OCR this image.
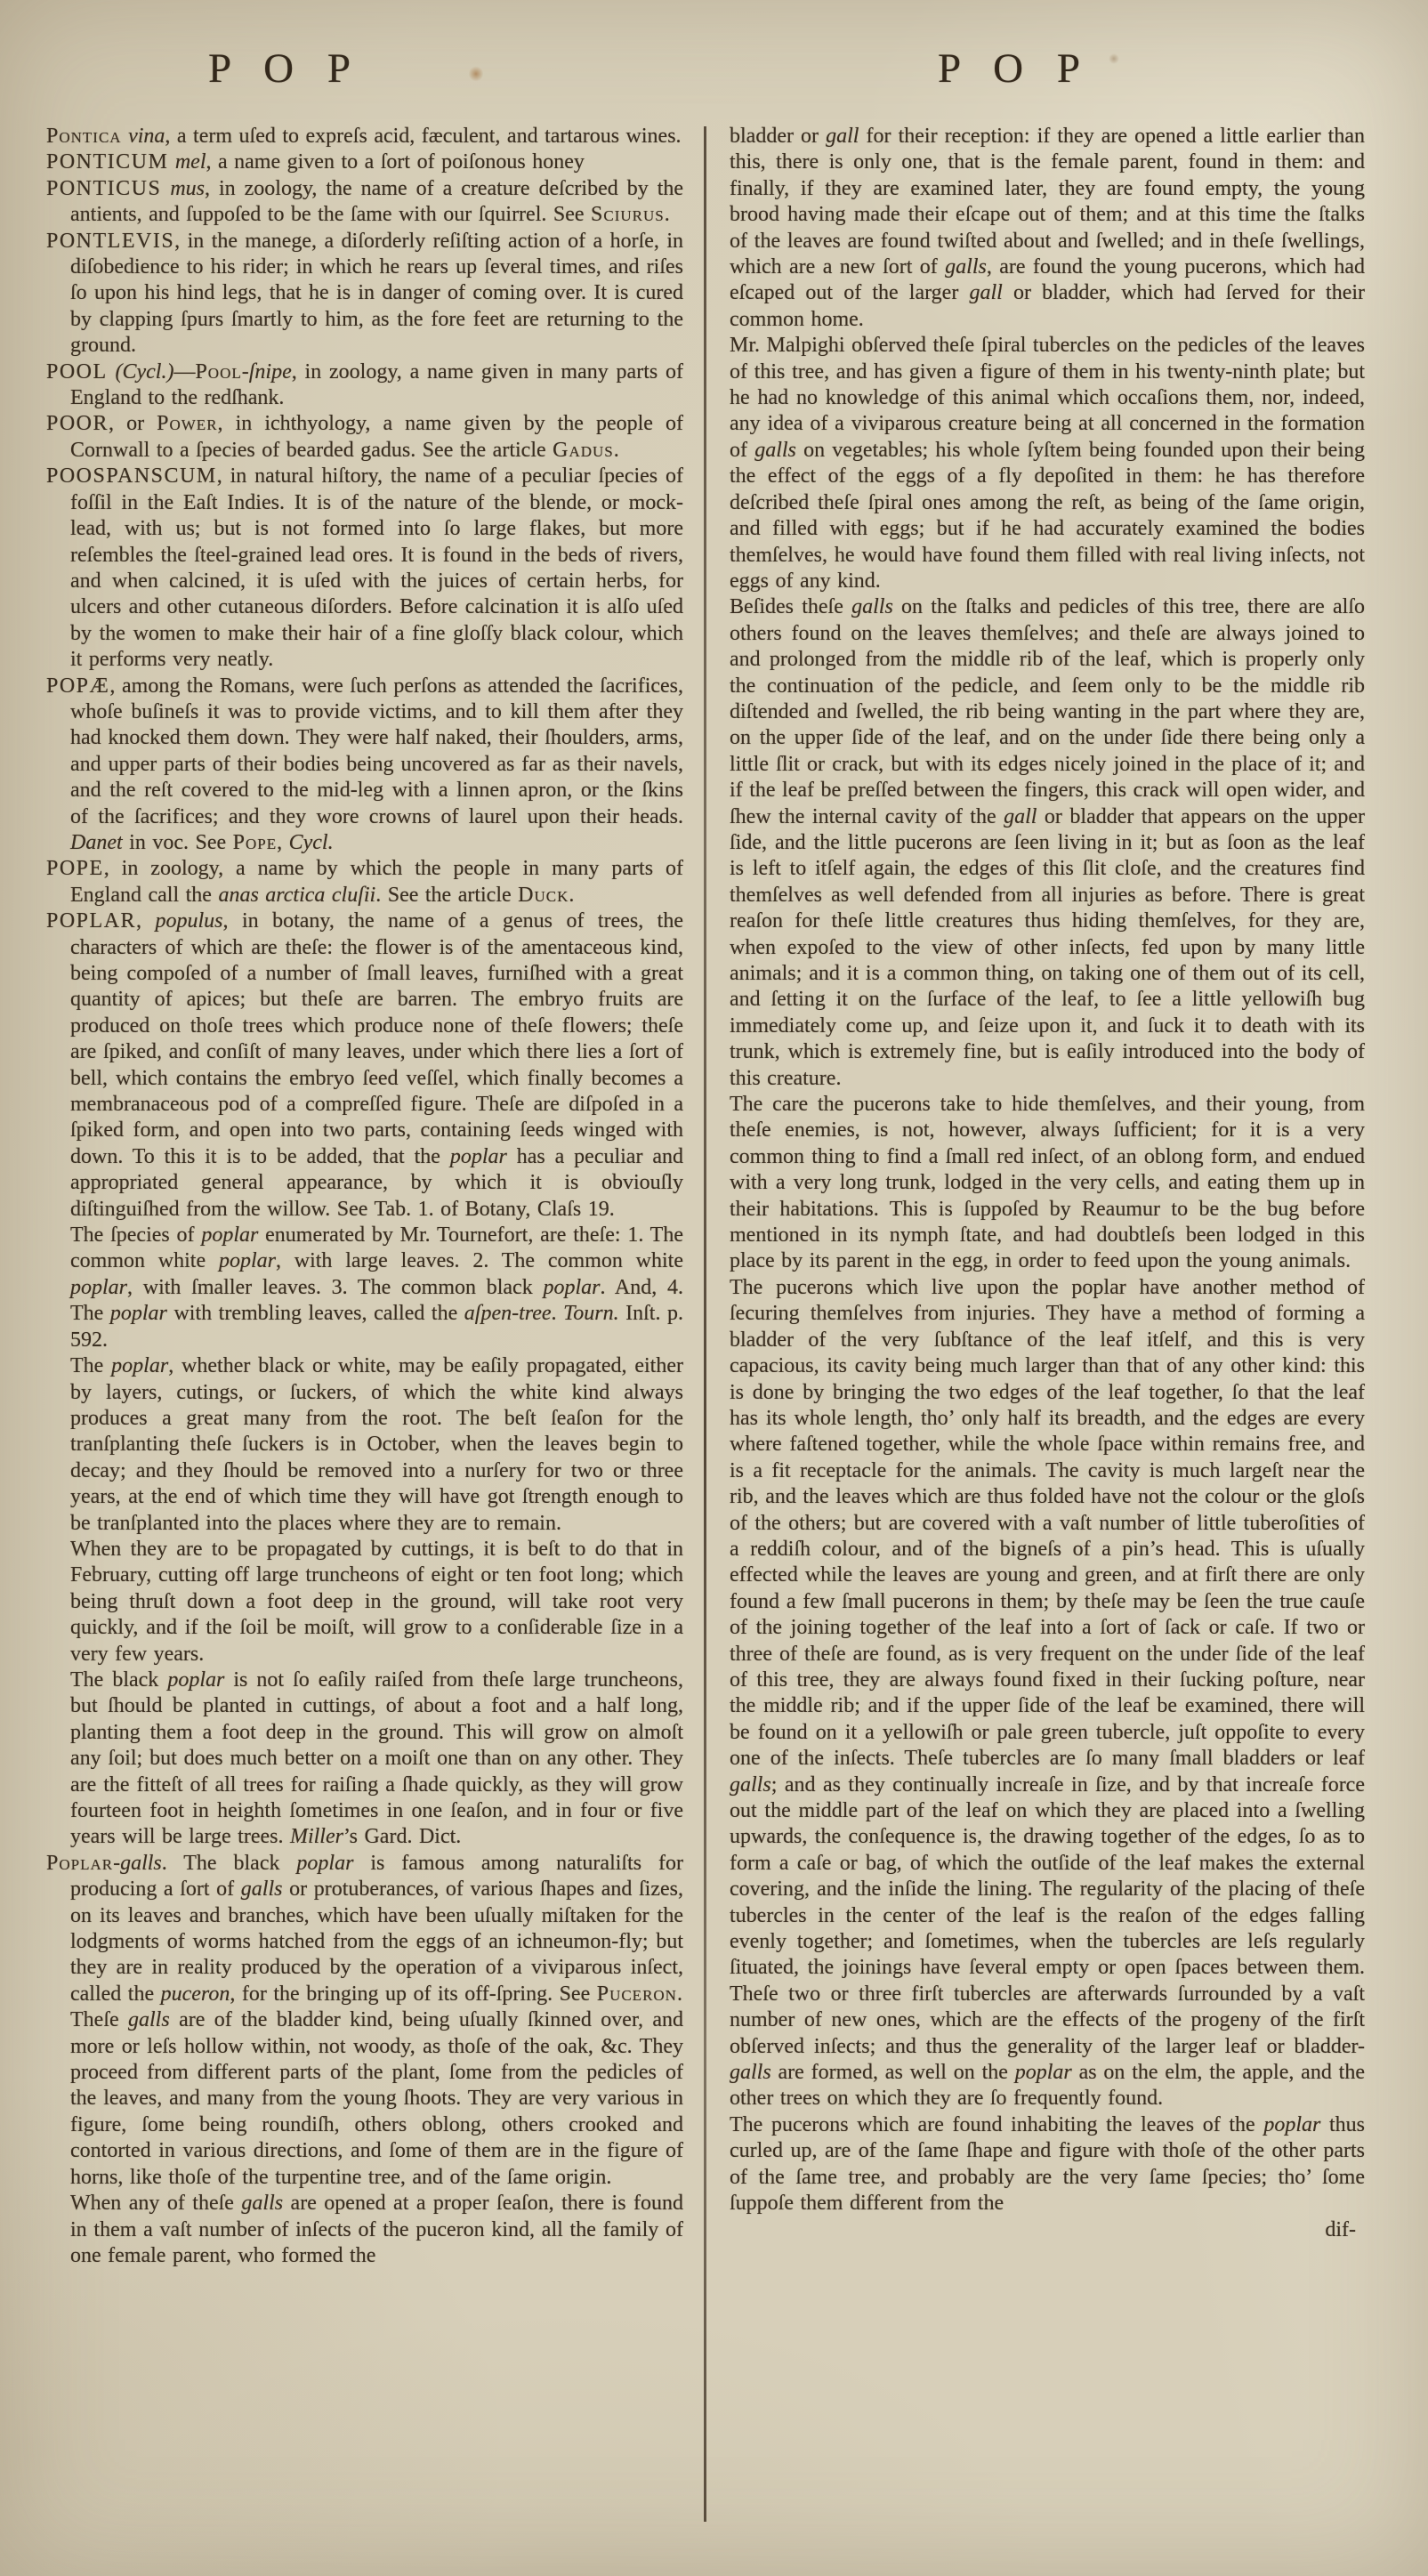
P O P	P O P
Pontica vina, a term uſed to expreſs acid, fæculent, and tartarous wines.
PONTICUM mel, a name given to a ſort of poiſonous honey
PONTICUS mus, in zoology, the name of a creature deſcribed by the antients, and ſuppoſed to be the ſame with our ſquirrel. See Sciurus.
PONTLEVIS, in the manege, a diſorderly reſiſting action of a horſe, in diſobedience to his rider; in which he rears up ſeveral times, and riſes ſo upon his hind legs, that he is in danger of coming over. It is cured by clapping ſpurs ſmartly to him, as the fore feet are returning to the ground.
POOL (Cycl.)—Pool-ſnipe, in zoology, a name given in many parts of England to the redſhank.
POOR, or Power, in ichthyology, a name given by the people of Cornwall to a ſpecies of bearded gadus. See the article Gadus.
POOSPANSCUM, in natural hiſtory, the name of a peculiar ſpecies of foſſil in the Eaſt Indies. It is of the nature of the blende, or mock-lead, with us; but is not formed into ſo large flakes, but more reſembles the ſteel-grained lead ores. It is found in the beds of rivers, and when calcined, it is uſed with the juices of certain herbs, for ulcers and other cutaneous diſorders. Before calcination it is alſo uſed by the women to make their hair of a fine gloſſy black colour, which it performs very neatly.
POPÆ, among the Romans, were ſuch perſons as attended the ſacrifices, whoſe buſineſs it was to provide victims, and to kill them after they had knocked them down. They were half naked, their ſhoulders, arms, and upper parts of their bodies being uncovered as far as their navels, and the reſt covered to the mid-leg with a linnen apron, or the ſkins of the ſacrifices; and they wore crowns of laurel upon their heads. Danet in voc. See Pope, Cycl.
POPE, in zoology, a name by which the people in many parts of England call the anas arctica cluſii. See the article Duck.
POPLAR, populus, in botany, the name of a genus of trees, the characters of which are theſe: the flower is of the amentaceous kind, being compoſed of a number of ſmall leaves, furniſhed with a great quantity of apices; but theſe are barren. The embryo fruits are produced on thoſe trees which produce none of theſe flowers; theſe are ſpiked, and conſiſt of many leaves, under which there lies a ſort of bell, which contains the embryo ſeed veſſel, which finally becomes a membranaceous pod of a compreſſed figure. Theſe are diſpoſed in a ſpiked form, and open into two parts, containing ſeeds winged with down. To this it is to be added, that the poplar has a peculiar and appropriated general appearance, by which it is obviouſly diſtinguiſhed from the willow. See Tab. 1. of Botany, Claſs 19.
The ſpecies of poplar enumerated by Mr. Tournefort, are theſe: 1. The common white poplar, with large leaves. 2. The common white poplar, with ſmaller leaves. 3. The common black poplar. And, 4. The poplar with trembling leaves, called the aſpen-tree. Tourn. Inſt. p. 592.
The poplar, whether black or white, may be eaſily propagated, either by layers, cutings, or ſuckers, of which the white kind always produces a great many from the root. The beſt ſeaſon for the tranſplanting theſe ſuckers is in October, when the leaves begin to decay; and they ſhould be removed into a nurſery for two or three years, at the end of which time they will have got ſtrength enough to be tranſplanted into the places where they are to remain.
When they are to be propagated by cuttings, it is beſt to do that in February, cutting off large truncheons of eight or ten foot long; which being thruſt down a foot deep in the ground, will take root very quickly, and if the ſoil be moiſt, will grow to a conſiderable ſize in a very few years.
The black poplar is not ſo eaſily raiſed from theſe large truncheons, but ſhould be planted in cuttings, of about a foot and a half long, planting them a foot deep in the ground. This will grow on almoſt any ſoil; but does much better on a moiſt one than on any other. They are the fitteſt of all trees for raiſing a ſhade quickly, as they will grow fourteen foot in heighth ſometimes in one ſeaſon, and in four or five years will be large trees. Miller’s Gard. Dict.
Poplar-galls. The black poplar is famous among naturaliſts for producing a ſort of galls or protuberances, of various ſhapes and ſizes, on its leaves and branches, which have been uſually miſtaken for the lodgments of worms hatched from the eggs of an ichneumon-fly; but they are in reality produced by the operation of a viviparous inſect, called the puceron, for the bringing up of its off-ſpring. See Puceron.
Theſe galls are of the bladder kind, being uſually ſkinned over, and more or leſs hollow within, not woody, as thoſe of the oak, &c. They proceed from different parts of the plant, ſome from the pedicles of the leaves, and many from the young ſhoots. They are very various in figure, ſome being roundiſh, others oblong, others crooked and contorted in various directions, and ſome of them are in the figure of horns, like thoſe of the turpentine tree, and of the ſame origin.
When any of theſe galls are opened at a proper ſeaſon, there is found in them a vaſt number of inſects of the puceron kind, all the family of one female parent, who formed the
bladder or gall for their reception: if they are opened a little earlier than this, there is only one, that is the female parent, found in them: and finally, if they are examined later, they are found empty, the young brood having made their eſcape out of them; and at this time the ſtalks of the leaves are found twiſted about and ſwelled; and in theſe ſwellings, which are a new ſort of galls, are found the young pucerons, which had eſcaped out of the larger gall or bladder, which had ſerved for their common home.
Mr. Malpighi obſerved theſe ſpiral tubercles on the pedicles of the leaves of this tree, and has given a figure of them in his twenty-ninth plate; but he had no knowledge of this animal which occaſions them, nor, indeed, any idea of a viviparous creature being at all concerned in the formation of galls on vegetables; his whole ſyſtem being founded upon their being the effect of the eggs of a fly depoſited in them: he has therefore deſcribed theſe ſpiral ones among the reſt, as being of the ſame origin, and filled with eggs; but if he had accurately examined the bodies themſelves, he would have found them filled with real living inſects, not eggs of any kind.
Beſides theſe galls on the ſtalks and pedicles of this tree, there are alſo others found on the leaves themſelves; and theſe are always joined to and prolonged from the middle rib of the leaf, which is properly only the continuation of the pedicle, and ſeem only to be the middle rib diſtended and ſwelled, the rib being wanting in the part where they are, on the upper ſide of the leaf, and on the under ſide there being only a little ſlit or crack, but with its edges nicely joined in the place of it; and if the leaf be preſſed between the fingers, this crack will open wider, and ſhew the internal cavity of the gall or bladder that appears on the upper ſide, and the little pucerons are ſeen living in it; but as ſoon as the leaf is left to itſelf again, the edges of this ſlit cloſe, and the creatures find themſelves as well defended from all injuries as before. There is great reaſon for theſe little creatures thus hiding themſelves, for they are, when expoſed to the view of other inſects, fed upon by many little animals; and it is a common thing, on taking one of them out of its cell, and ſetting it on the ſurface of the leaf, to ſee a little yellowiſh bug immediately come up, and ſeize upon it, and ſuck it to death with its trunk, which is extremely fine, but is eaſily introduced into the body of this creature.
The care the pucerons take to hide themſelves, and their young, from theſe enemies, is not, however, always ſufficient; for it is a very common thing to find a ſmall red inſect, of an oblong form, and endued with a very long trunk, lodged in the very cells, and eating them up in their habitations. This is ſuppoſed by Reaumur to be the bug before mentioned in its nymph ſtate, and had doubtleſs been lodged in this place by its parent in the egg, in order to feed upon the young animals.
The pucerons which live upon the poplar have another method of ſecuring themſelves from injuries. They have a method of forming a bladder of the very ſubſtance of the leaf itſelf, and this is very capacious, its cavity being much larger than that of any other kind: this is done by bringing the two edges of the leaf together, ſo that the leaf has its whole length, tho’ only half its breadth, and the edges are every where faſtened together, while the whole ſpace within remains free, and is a fit receptacle for the animals. The cavity is much largeſt near the rib, and the leaves which are thus folded have not the colour or the gloſs of the others; but are covered with a vaſt number of little tuberoſities of a reddiſh colour, and of the bigneſs of a pin’s head. This is uſually effected while the leaves are young and green, and at firſt there are only found a few ſmall pucerons in them; by theſe may be ſeen the true cauſe of the joining together of the leaf into a ſort of ſack or caſe. If two or three of theſe are found, as is very frequent on the under ſide of the leaf of this tree, they are always found fixed in their ſucking poſture, near the middle rib; and if the upper ſide of the leaf be examined, there will be found on it a yellowiſh or pale green tubercle, juſt oppoſite to every one of the inſects. Theſe tubercles are ſo many ſmall bladders or leaf galls; and as they continually increaſe in ſize, and by that increaſe force out the middle part of the leaf on which they are placed into a ſwelling upwards, the conſequence is, the drawing together of the edges, ſo as to form a caſe or bag, of which the outſide of the leaf makes the external covering, and the inſide the lining. The regularity of the placing of theſe tubercles in the center of the leaf is the reaſon of the edges falling evenly together; and ſometimes, when the tubercles are leſs regularly ſituated, the joinings have ſeveral empty or open ſpaces between them. Theſe two or three firſt tubercles are afterwards ſurrounded by a vaſt number of new ones, which are the effects of the progeny of the firſt obſerved inſects; and thus the generality of the larger leaf or bladder-galls are formed, as well on the poplar as on the elm, the apple, and the other trees on which they are ſo frequently found.
The pucerons which are found inhabiting the leaves of the poplar thus curled up, are of the ſame ſhape and figure with thoſe of the other parts of the ſame tree, and probably are the very ſame ſpecies; tho’ ſome ſuppoſe them different from the
dif-
